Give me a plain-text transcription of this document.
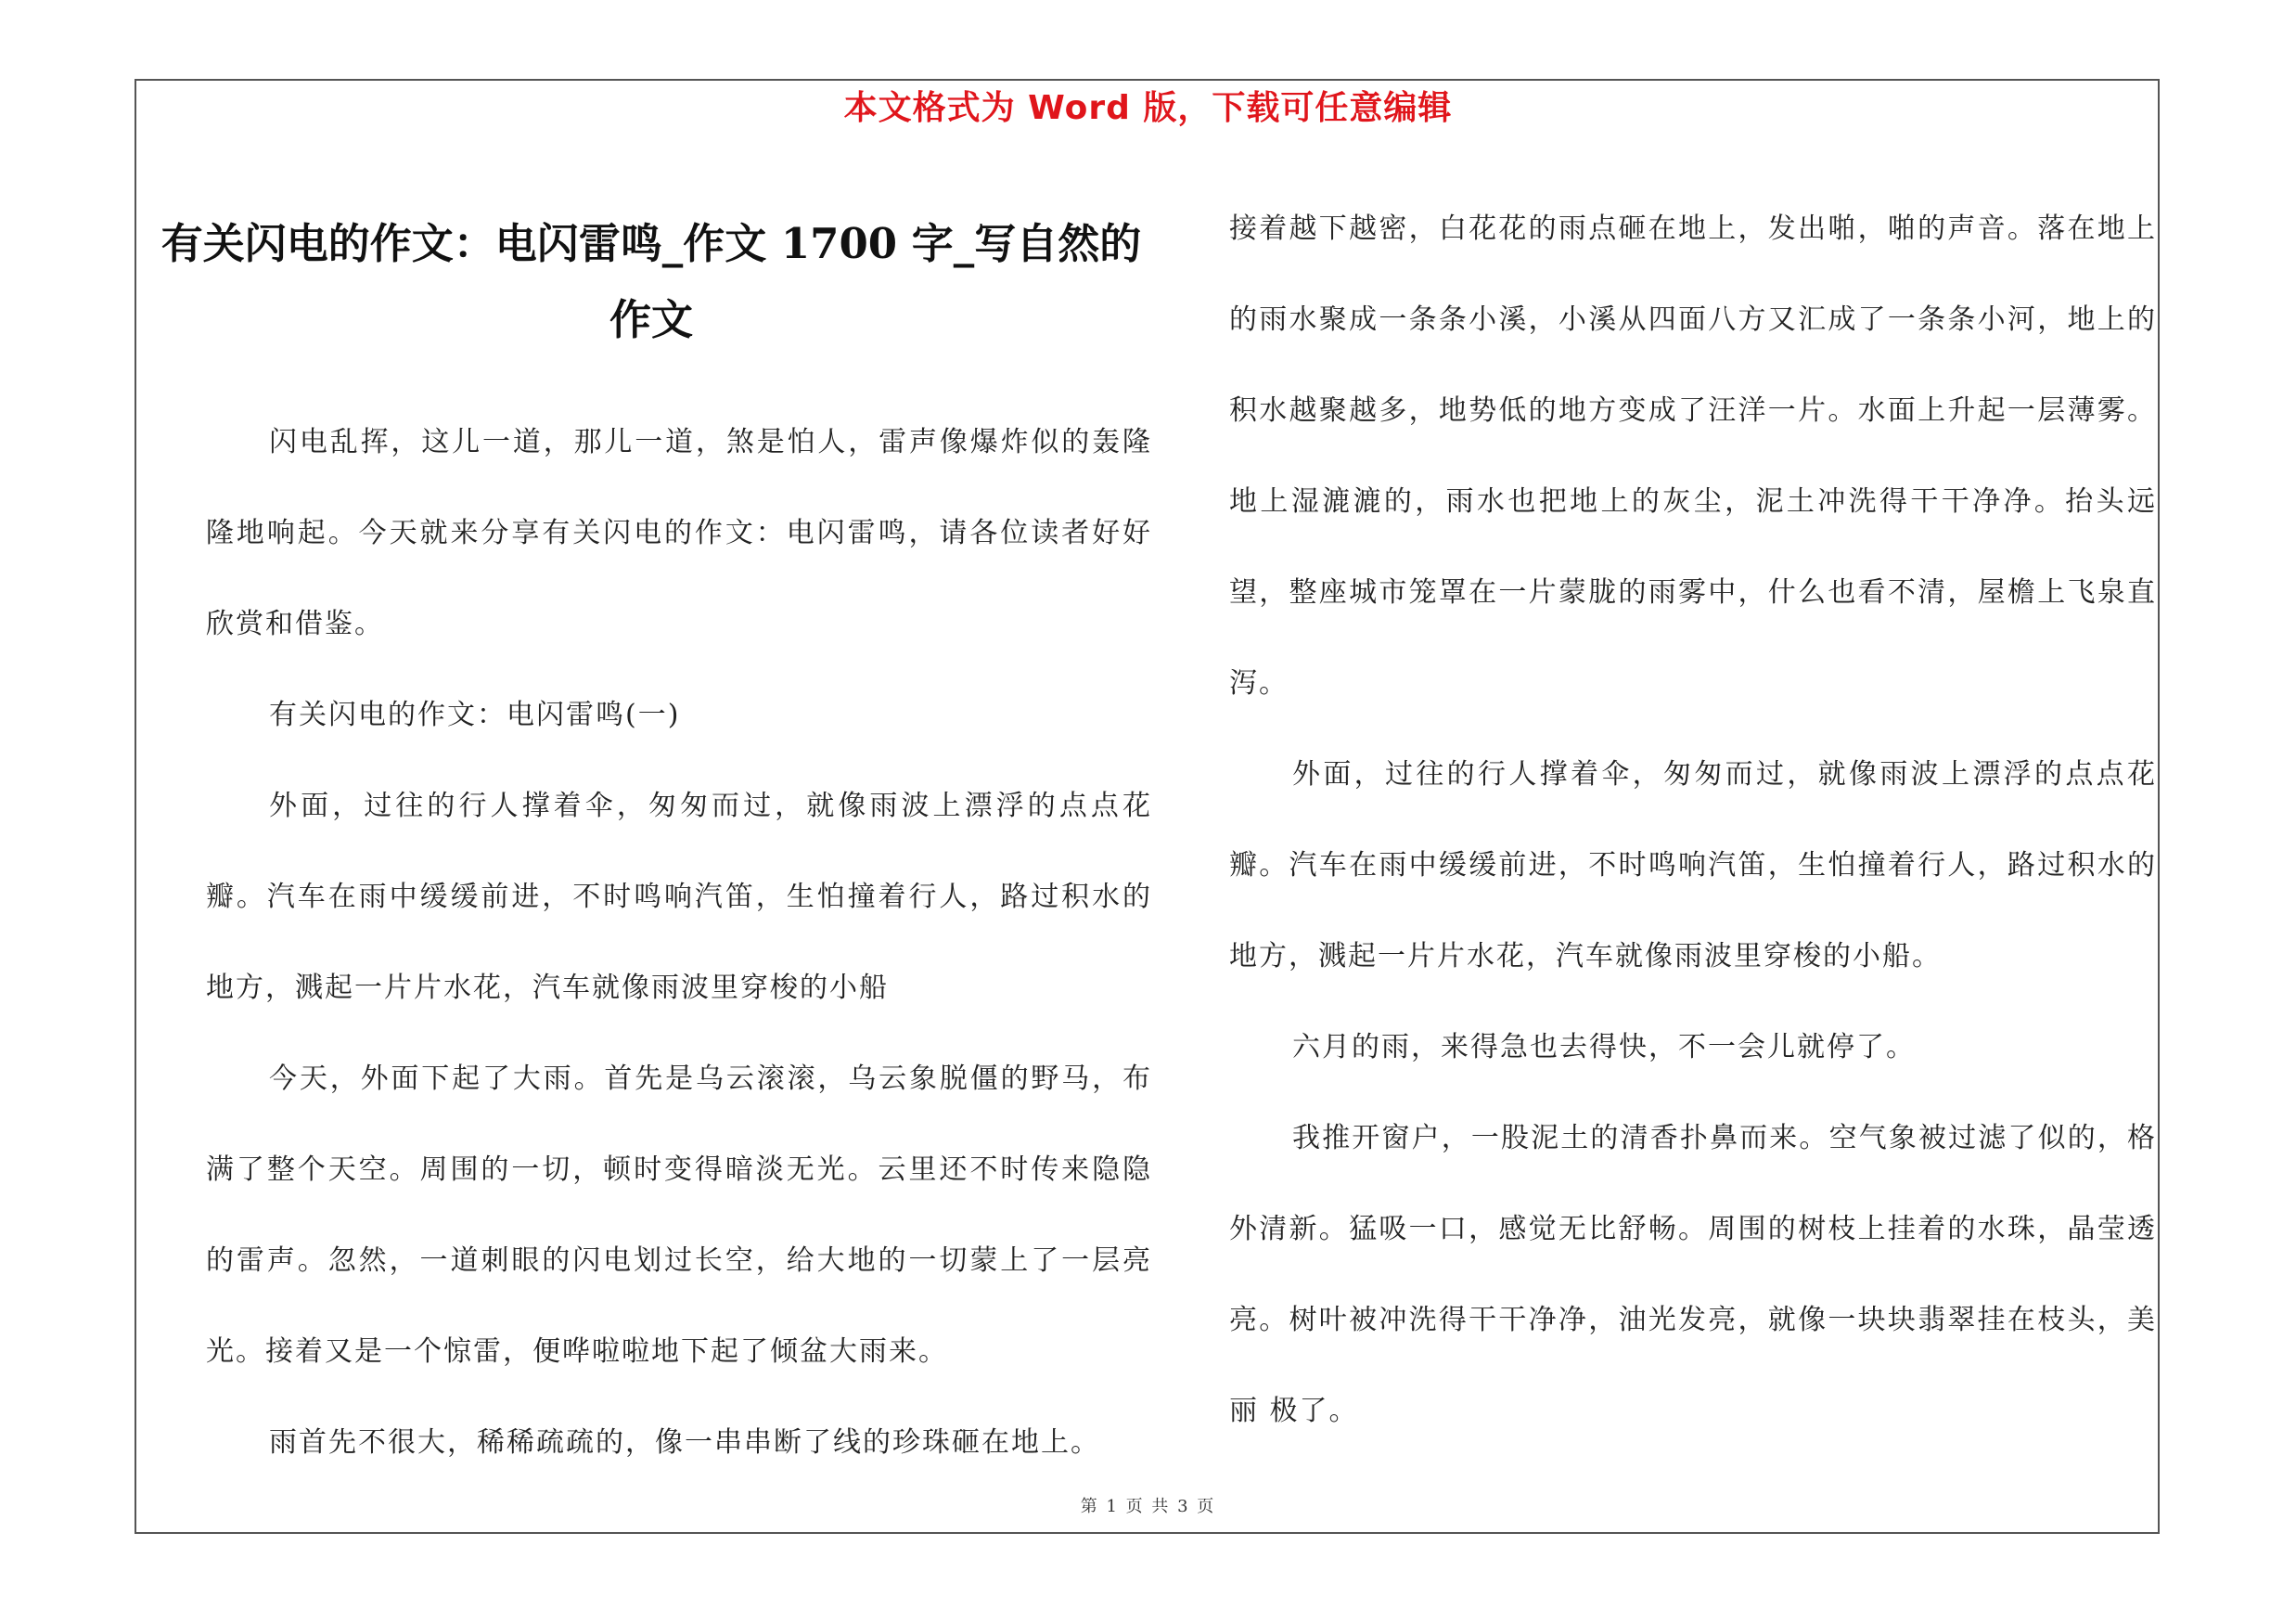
本文格式为 Word 版，下载可任意编辑
有关闪电的作文：电闪雷鸣_作文 1700 字_写自然的作文

闪电乱挥，这儿一道，那儿一道，煞是怕人，雷声像爆炸似的轰隆隆地响起。今天就来分享有关闪电的作文：电闪雷鸣，请各位读者好好欣赏和借鉴。

有关闪电的作文：电闪雷鸣(一)

外面，过往的行人撑着伞，匆匆而过，就像雨波上漂浮的点点花瓣。汽车在雨中缓缓前进，不时鸣响汽笛，生怕撞着行人，路过积水的地方，溅起一片片水花，汽车就像雨波里穿梭的小船

今天，外面下起了大雨。首先是乌云滚滚，乌云象脱僵的野马，布满了整个天空。周围的一切，顿时变得暗淡无光。云里还不时传来隐隐的雷声。忽然，一道刺眼的闪电划过长空，给大地的一切蒙上了一层亮光。接着又是一个惊雷，便哗啦啦地下起了倾盆大雨来。

雨首先不很大，稀稀疏疏的，像一串串断了线的珍珠砸在地上。

接着越下越密，白花花的雨点砸在地上，发出啪，啪的声音。落在地上的雨水聚成一条条小溪，小溪从四面八方又汇成了一条条小河，地上的积水越聚越多，地势低的地方变成了汪洋一片。水面上升起一层薄雾。地上湿漉漉的，雨水也把地上的灰尘，泥土冲洗得干干净净。抬头远望，整座城市笼罩在一片蒙胧的雨雾中，什么也看不清，屋檐上飞泉直泻。

外面，过往的行人撑着伞，匆匆而过，就像雨波上漂浮的点点花瓣。汽车在雨中缓缓前进，不时鸣响汽笛，生怕撞着行人，路过积水的地方，溅起一片片水花，汽车就像雨波里穿梭的小船。

六月的雨，来得急也去得快，不一会儿就停了。

我推开窗户，一股泥土的清香扑鼻而来。空气象被过滤了似的，格外清新。猛吸一口，感觉无比舒畅。周围的树枝上挂着的水珠，晶莹透亮。树叶被冲洗得干干净净，油光发亮，就像一块块翡翠挂在枝头，美丽 极了。

第 1 页 共 3 页
